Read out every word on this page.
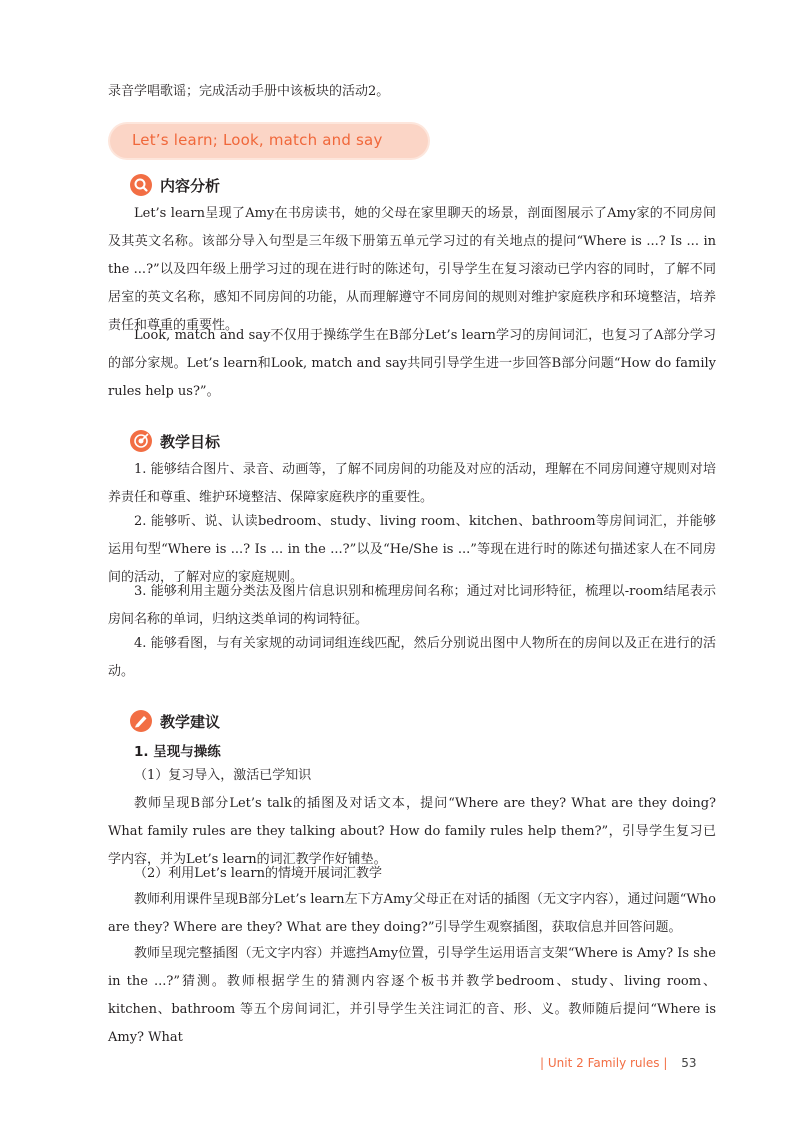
录音学唱歌谣；完成活动手册中该板块的活动2。

Let’s learn; Look, match and say
内容分析

Let’s learn呈现了Amy在书房读书，她的父母在家里聊天的场景，剖面图展示了Amy家的不同房间及其英文名称。该部分导入句型是三年级下册第五单元学习过的有关地点的提问“Where is ...? Is ... in the ...?”以及四年级上册学习过的现在进行时的陈述句，引导学生在复习滚动已学内容的同时，了解不同居室的英文名称，感知不同房间的功能，从而理解遵守不同房间的规则对维护家庭秩序和环境整洁，培养责任和尊重的重要性。

Look, match and say不仅用于操练学生在B部分Let’s learn学习的房间词汇，也复习了A部分学习的部分家规。Let’s learn和Look, match and say共同引导学生进一步回答B部分问题“How do family rules help us?”。

教学目标

1. 能够结合图片、录音、动画等，了解不同房间的功能及对应的活动，理解在不同房间遵守规则对培养责任和尊重、维护环境整洁、保障家庭秩序的重要性。

2. 能够听、说、认读bedroom、study、living room、kitchen、bathroom等房间词汇，并能够运用句型“Where is ...? Is ... in the ...?”以及“He/She is ...”等现在进行时的陈述句描述家人在不同房间的活动，了解对应的家庭规则。

3. 能够利用主题分类法及图片信息识别和梳理房间名称；通过对比词形特征，梳理以-room结尾表示房间名称的单词，归纳这类单词的构词特征。

4. 能够看图，与有关家规的动词词组连线匹配，然后分别说出图中人物所在的房间以及正在进行的活动。

教学建议
1. 呈现与操练

（1）复习导入，激活已学知识

教师呈现B部分Let’s talk的插图及对话文本，提问“Where are they? What are they doing? What family rules are they talking about? How do family rules help them?”，引导学生复习已学内容，并为Let’s learn的词汇教学作好铺垫。

（2）利用Let’s learn的情境开展词汇教学

教师利用课件呈现B部分Let’s learn左下方Amy父母正在对话的插图（无文字内容），通过问题“Who are they? Where are they? What are they doing?”引导学生观察插图，获取信息并回答问题。

教师呈现完整插图（无文字内容）并遮挡Amy位置，引导学生运用语言支架“Where is Amy? Is she in the ...?”猜测。教师根据学生的猜测内容逐个板书并教学bedroom、study、living room、kitchen、bathroom 等五个房间词汇，并引导学生关注词汇的音、形、义。教师随后提问“Where is Amy? What

| Unit 2 Family rules | 53
